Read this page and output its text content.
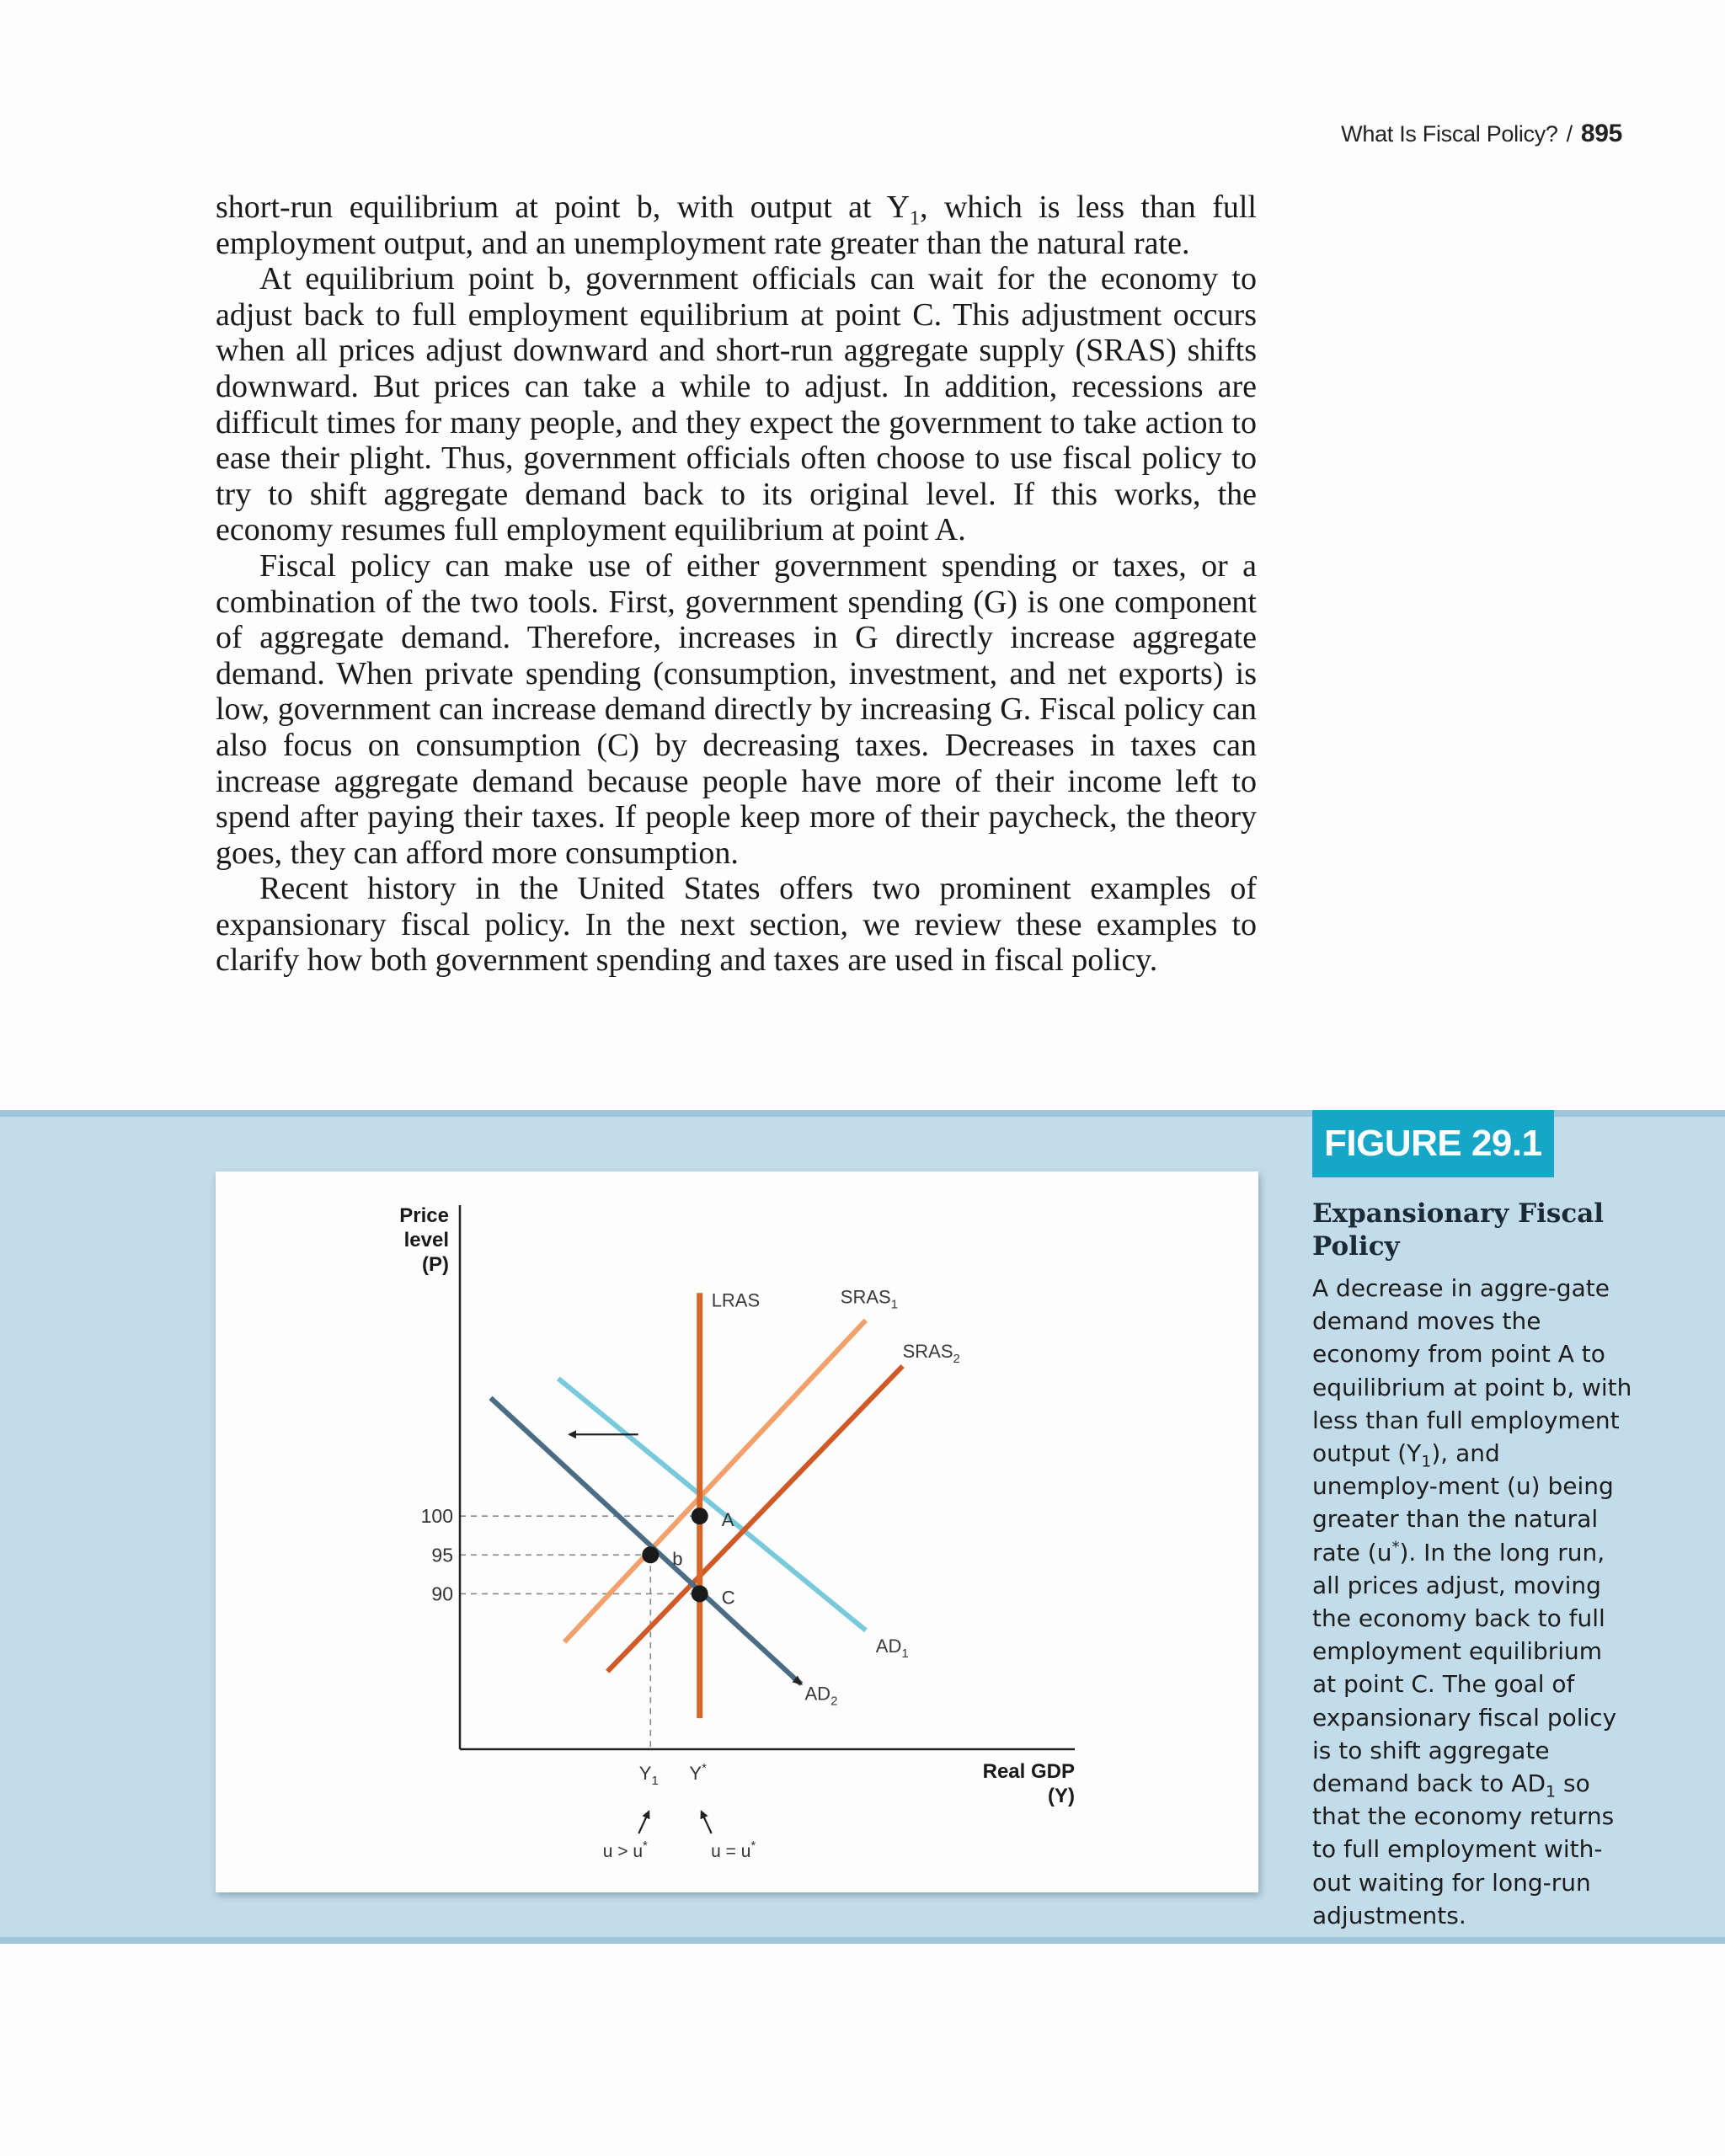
What Is Fiscal Policy? / 895

short-run equilibrium at point b, with output at $Y_1$, which is less than full employment output, and an unemployment rate greater than the natural rate.

At equilibrium point b, government officials can wait for the economy to adjust back to full employment equilibrium at point C. This adjustment occurs when all prices adjust downward and short-run aggregate supply (SRAS) shifts downward. But prices can take a while to adjust. In addition, recessions are difficult times for many people, and they expect the government to take action to ease their plight. Thus, government officials often choose to use fiscal policy to try to shift aggregate demand back to its original level. If this works, the economy resumes full employment equilibrium at point A.

Fiscal policy can make use of either government spending or taxes, or a combination of the two tools. First, government spending (G) is one component of aggregate demand. Therefore, increases in G directly increase aggregate demand. When private spending (consumption, investment, and net exports) is low, government can increase demand directly by increasing G. Fiscal policy can also focus on consumption (C) by decreasing taxes. Decreases in taxes can increase aggregate demand because people have more of their income left to spend after paying their taxes. If people keep more of their paycheck, the theory goes, they can afford more consumption.

Recent history in the United States offers two prominent examples of expansionary fiscal policy. In the next section, we review these examples to clarify how both government spending and taxes are used in fiscal policy.

Price
level
(P)
Real GDP
(Y)
100
95
90
LRAS	$SRAS_1$
$SRAS_2$
$AD_1$
$AD_2$
A
b
C
$Y_1$
u > u*
Y*
u = u*
FIGURE 29.1
Expansionary Fiscal Policy

A decrease in aggre-gate demand moves the economy from point A to equilibrium at point b, with less than full employment output $(Y_1)$, and unemploy-ment (u) being greater than the natural rate (u*). In the long run, all prices adjust, moving the economy back to full employment equilibrium at point C. The goal of expansionary fiscal policy is to shift aggregate demand back to $AD_1$ so that the economy returns to full employment with-out waiting for long-run adjustments.
